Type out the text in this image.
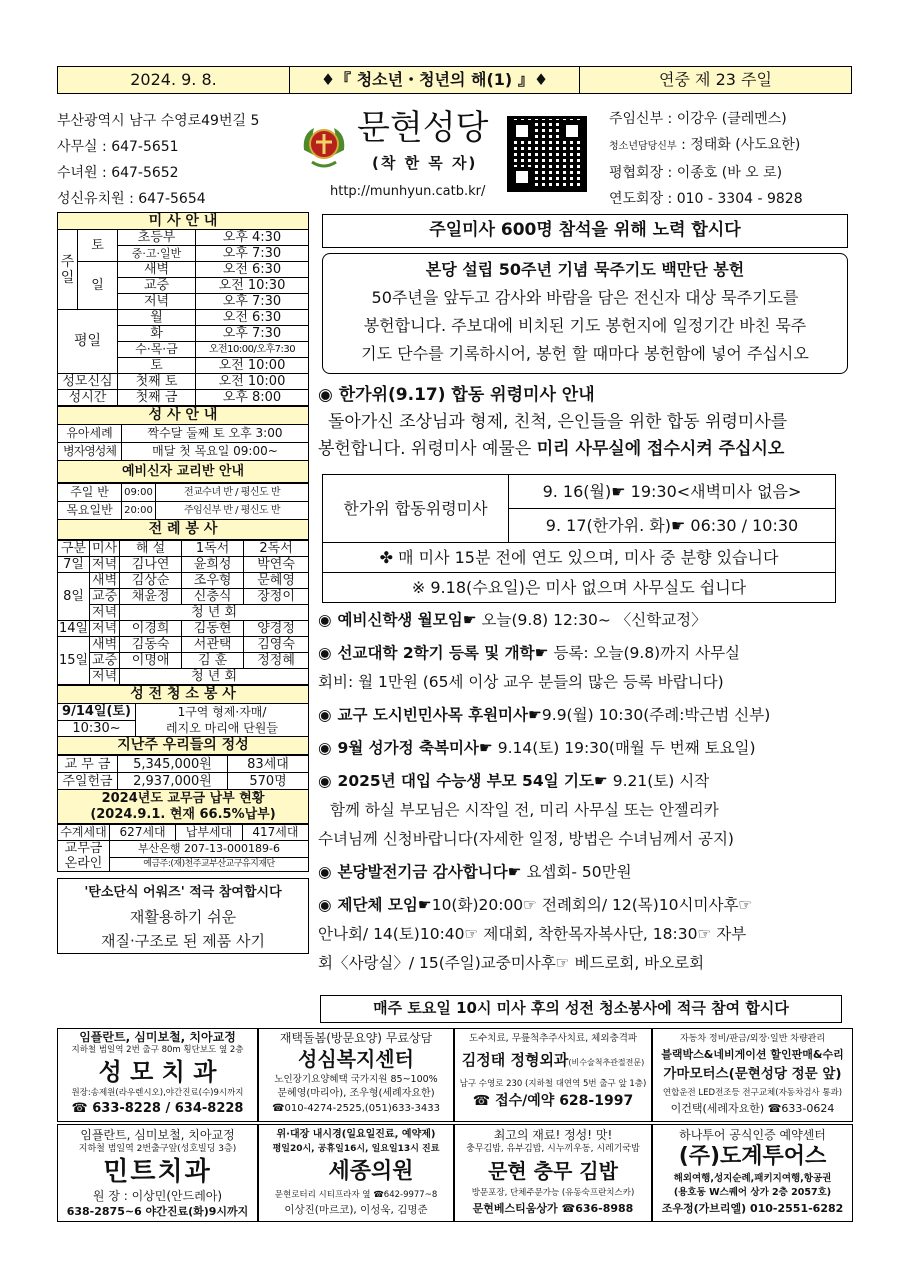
2024. 9. 8.	♦『 청소년・청년의 해(1) 』♦	연중 제 23 주일
부산광역시 남구 수영로49번길 5
사무실 : 647-5651
수녀원 : 647-5652
성신유치원 : 647-5654
문현성당
(착 한 목 자)
http://munhyun.catb.kr/
주임신부 : 이강우 (클레멘스)
청소년담당신부 : 정태화 (사도요한)
평협회장 : 이종호 (바 오 로)
연도회장 : 010 - 3304 - 9828
미 사 안 내			
주일	토	초등부	오후 4:30
		중·고·일반	오후 7:30
	일	새벽	오전 6:30
		교중	오전 10:30
		저녁	오후 7:30
평일		월	오전 6:30
		화	오후 7:30
		수·목·금	오전10:00/오후7:30
		토	오전 10:00
성모신심		첫째 토	오전 10:00
성시간		첫째 금	오후 8:00
성 사 안 내	
유아세례	짝수달 둘째 토 오후 3:00
병자영성체	매달 첫 목요일 09:00~
예비신자 교리반 안내	
주일 반	09:00	전교수녀 반 / 평신도 반
목요일반	20:00	주임신부 반 / 평신도 반
전 례 봉 사		
구분	미사	해 설	1독서	2독서
7일	저녁	김나연	윤희성	박연숙
8일	새벽	김상순	조우형	문혜영
	교중	채윤정	신충식	장정이
	저녁	청 년 회		
14일	저녁	이경희	김동현	양경정
15일	새벽	김동숙	서관택	김영숙
	교중	이명애	김 훈	정정혜
	저녁	청 년 회		
성 전 청 소 봉 사
9/14일(토)	1구역 형제·자매/
레지오 마리애 단원들

10:30~
지난주 우리들의 정성
교 무 금	5,345,000원	83세대
주일헌금	2,937,000원	570명

2024년도 교무금 납부 현황
(2024.9.1. 현재 66.5%납부)		
수계세대	627세대	납부세대	417세대

교무금
온라인	부산은행 207-13-000189-6		
	예금주:(재)천주교부산교구유지재단		
'탄소단식 어워즈' 적극 참여합시다
재활용하기 쉬운
재질·구조로 된 제품 사기
주일미사 600명 참석을 위해 노력 합시다
본당 설립 50주년 기념 묵주기도 백만단 봉헌
50주년을 앞두고 감사와 바람을 담은 전신자 대상 묵주기도를
봉헌합니다. 주보대에 비치된 기도 봉헌지에 일정기간 바친 묵주
기도 단수를 기록하시어, 봉헌 할 때마다 봉헌함에 넣어 주십시오
◉ 한가위(9.17) 합동 위령미사 안내
돌아가신 조상님과 형제, 친척, 은인들을 위한 합동 위령미사를
봉헌합니다. 위령미사 예물은 미리 사무실에 접수시켜 주십시오
한가위 합동위령미사	9. 16(월)☛ 19:30<새벽미사 없음>
9. 17(한가위. 화)☛ 06:30 / 10:30
✤ 매 미사 15분 전에 연도 있으며, 미사 중 분향 있습니다
※ 9.18(수요일)은 미사 없으며 사무실도 쉽니다
◉ 예비신학생 월모임☛ 오늘(9.8) 12:30~ 〈신학교정〉
◉ 선교대학 2학기 등록 및 개학☛ 등록: 오늘(9.8)까지 사무실
회비: 월 1만원 (65세 이상 교우 분들의 많은 등록 바랍니다)
◉ 교구 도시빈민사목 후원미사☛9.9(월) 10:30(주례:박근범 신부)
◉ 9월 성가정 축복미사☛ 9.14(토) 19:30(매월 두 번째 토요일)
◉ 2025년 대입 수능생 부모 54일 기도☛ 9.21(토) 시작
함께 하실 부모님은 시작일 전, 미리 사무실 또는 안젤리카
수녀님께 신청바랍니다(자세한 일정, 방법은 수녀님께서 공지)
◉ 본당발전기금 감사합니다☛ 요셉회- 50만원
◉ 제단체 모임☛10(화)20:00☞ 전례회의/ 12(목)10시미사후☞
안나회/ 14(토)10:40☞ 제대회, 착한목자복사단, 18:30☞ 자부
회〈사랑실〉/ 15(주일)교중미사후☞ 베드로회, 바오로회
매주 토요일 10시 미사 후의 성전 청소봉사에 적극 참여 합시다
임플란트, 심미보철, 치아교정
지하철 범일역 2번 출구 80m 횡단보도 옆 2층
성 모 치 과
원장:송제원(라우렌시오),야간진료(수)9시까지
☎ 633-8228 / 634-8228
재택돌봄(방문요양) 무료상담
성심복지센터
노인장기요양혜택 국가지원 85~100%
문혜영(마리아), 조우형(세례자요한)
☎010-4274-2525,(051)633-3433
도수치료, 무릎척추주사치료, 체외충격파
김정태 정형외과(비수술척추관절전문)
남구 수영로 230 (지하철 대연역 5번 출구 앞 1층)
☎ 접수/예약 628-1997
자동차 정비/판금/외장·일반 차량관리
블랙박스&네비게이션 할인판매&수리
가마모터스(문현성당 정문 앞)
연합운전 LED전조등 전구교체(자동차검사 통과)
이건택(세례자요한) ☎633-0624
임플란트, 심미보철, 치아교정
지하철 범일역 2번출구앞(성호빌딩 3층)
민트치과
원 장 : 이상민(안드레아)
638-2875~6 야간진료(화)9시까지
위·대장 내시경(일요일진료, 예약제)
평일20시, 공휴일16시, 일요일13시 진료
세종의원
문현로터리 시티프라자 옆 ☎642-9977~8
이상진(마르코), 이성욱, 김명준
최고의 재료! 정성! 맛!
충무김밥, 유부김밥, 시누끼우동, 시레기국밥
문현 충무 김밥
방문포장, 단체주문가능 (유동숙프란치스카)
문현베스티움상가 ☎636-8988
하나투어 공식인증 예약센터
(주)도계투어스
해외여행,성지순례,패키지여행,항공권
(용호동 W스퀘어 상가 2층 2057호)
조우정(가브리엘) 010-2551-6282
